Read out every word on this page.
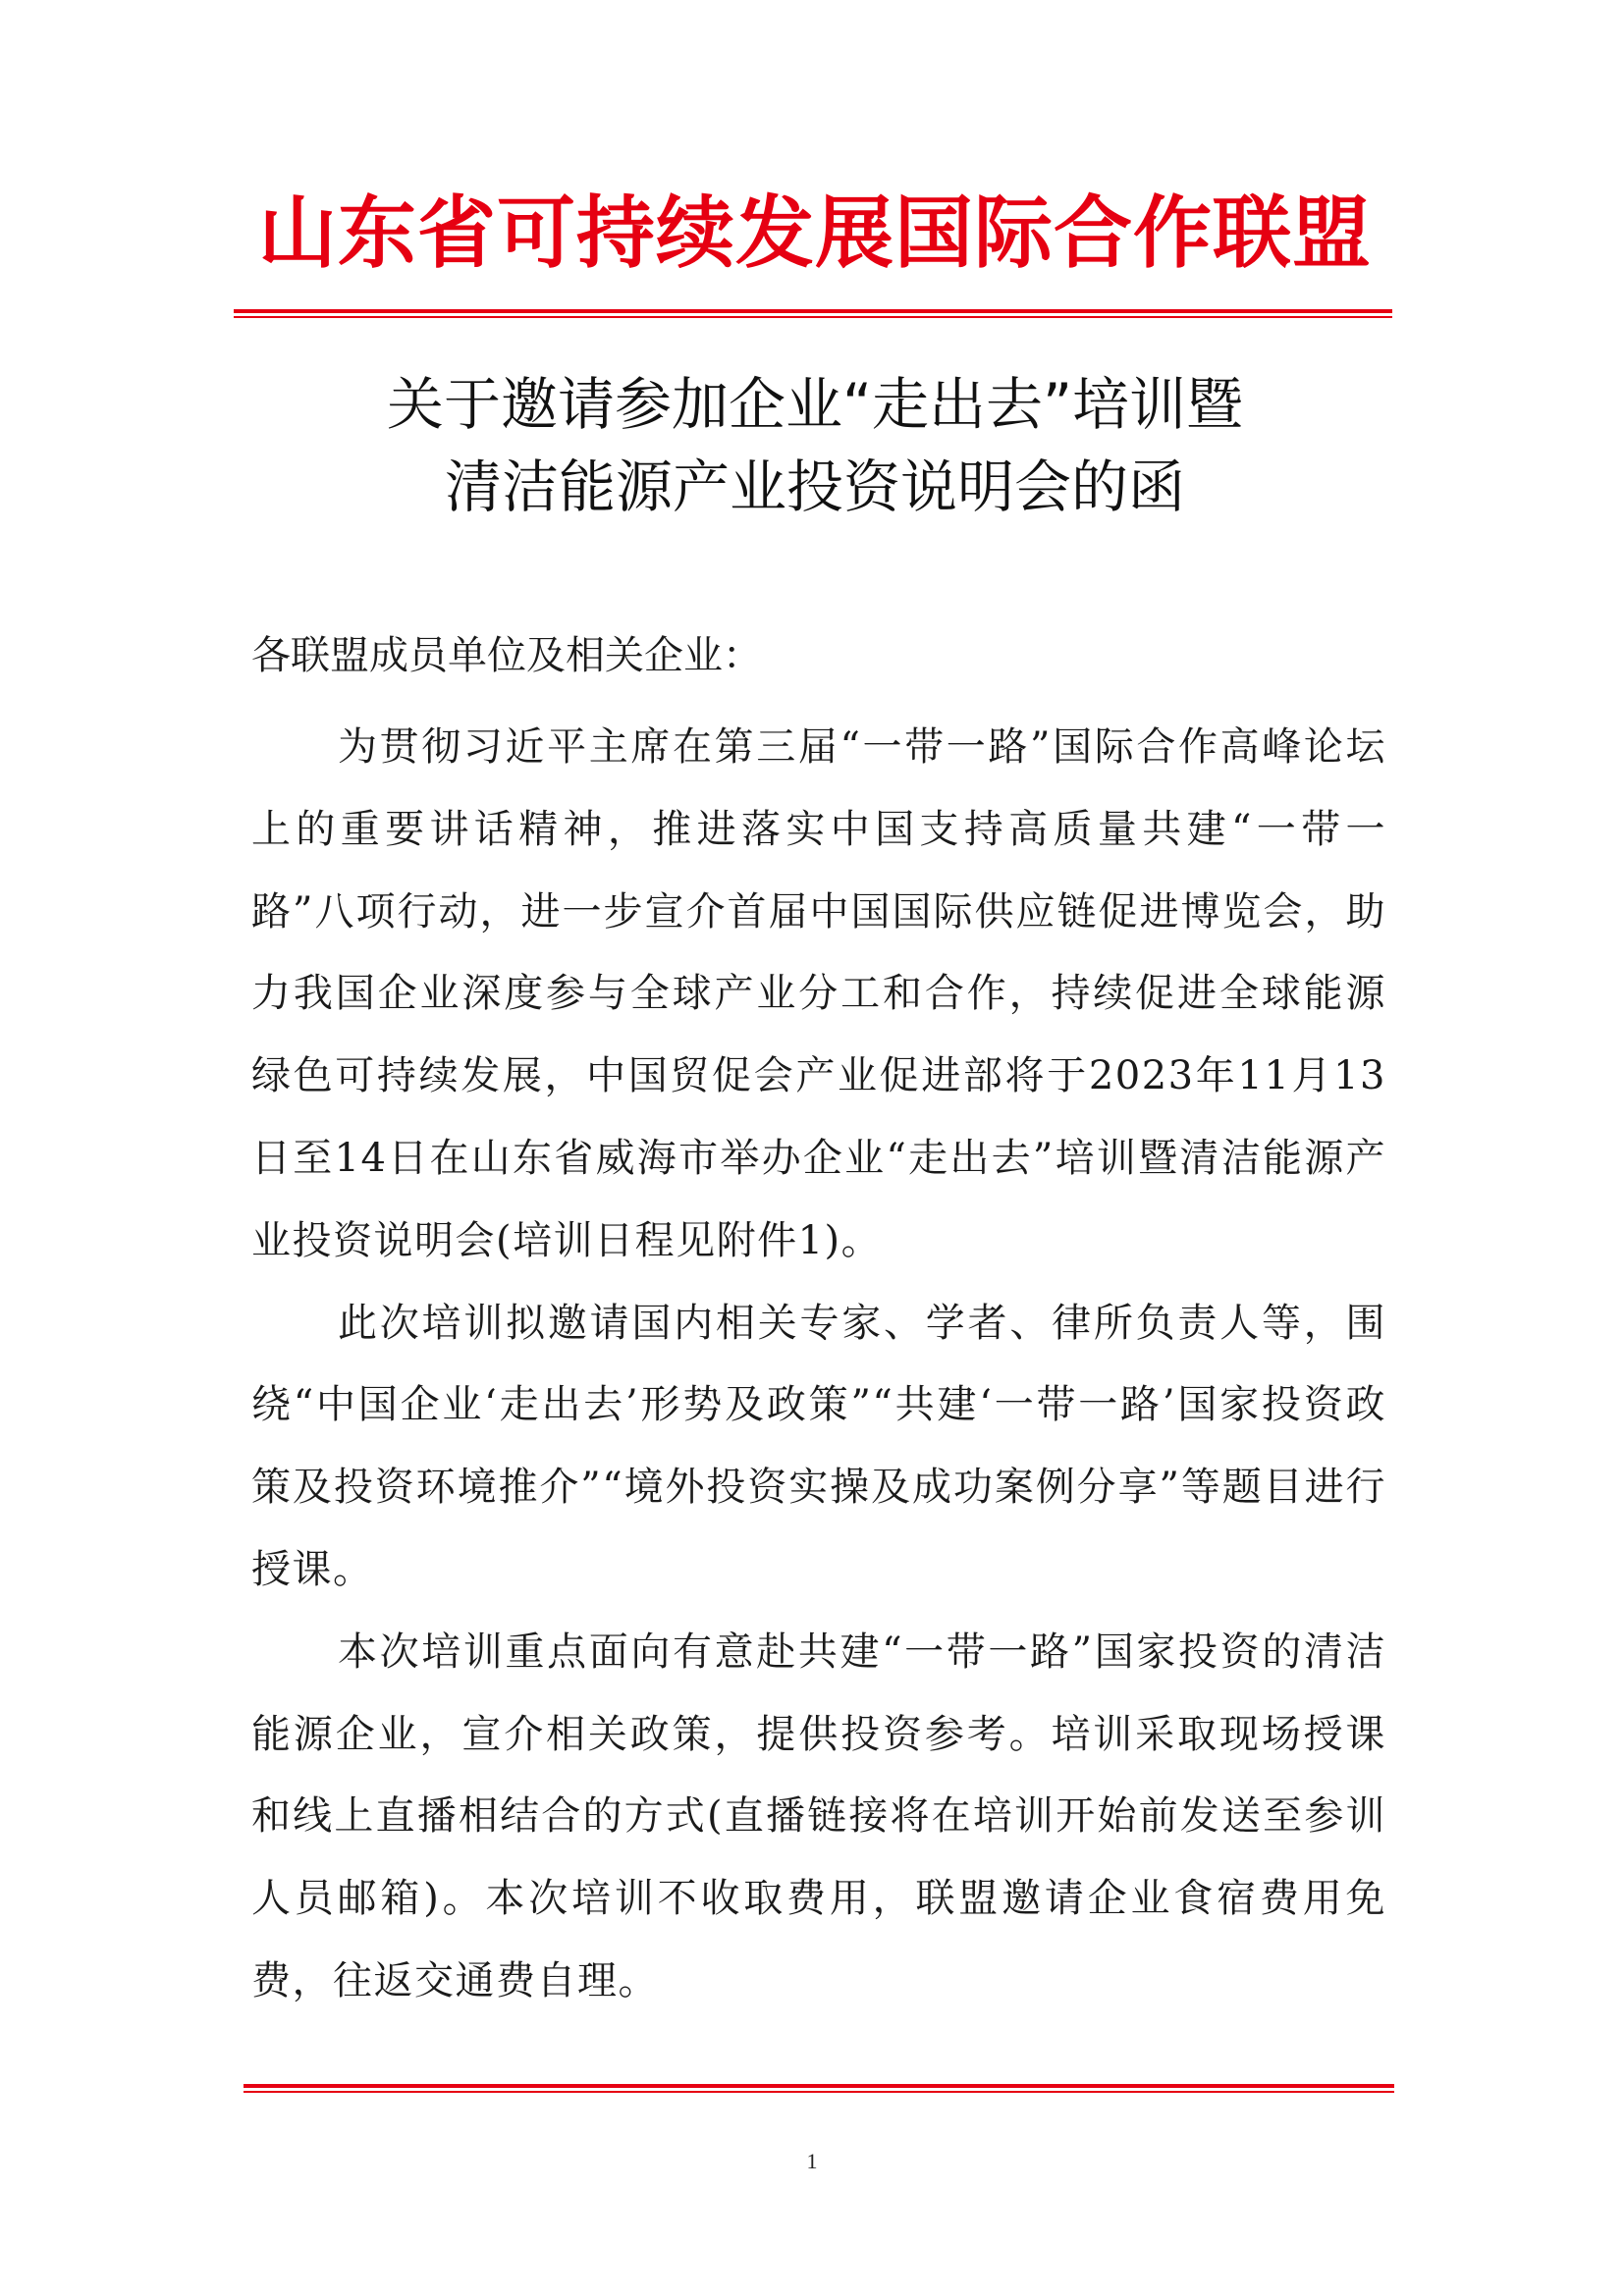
山东省可持续发展国际合作联盟
关于邀请参加企业“走出去”培训暨
清洁能源产业投资说明会的函
各联盟成员单位及相关企业：

为贯彻习近平主席在第三届“一带一路”国际合作高峰论坛上的重要讲话精神，推进落实中国支持高质量共建“一带一路”八项行动，进一步宣介首届中国国际供应链促进博览会，助力我国企业深度参与全球产业分工和合作，持续促进全球能源绿色可持续发展，中国贸促会产业促进部将于2023年11月13日至14日在山东省威海市举办企业“走出去”培训暨清洁能源产业投资说明会(培训日程见附件1)。

此次培训拟邀请国内相关专家、学者、律所负责人等，围绕“中国企业‘走出去’形势及政策”“共建‘一带一路’国家投资政策及投资环境推介”“境外投资实操及成功案例分享”等题目进行授课。

本次培训重点面向有意赴共建“一带一路”国家投资的清洁能源企业，宣介相关政策，提供投资参考。培训采取现场授课和线上直播相结合的方式(直播链接将在培训开始前发送至参训人员邮箱)。本次培训不收取费用，联盟邀请企业食宿费用免费，往返交通费自理。

1
